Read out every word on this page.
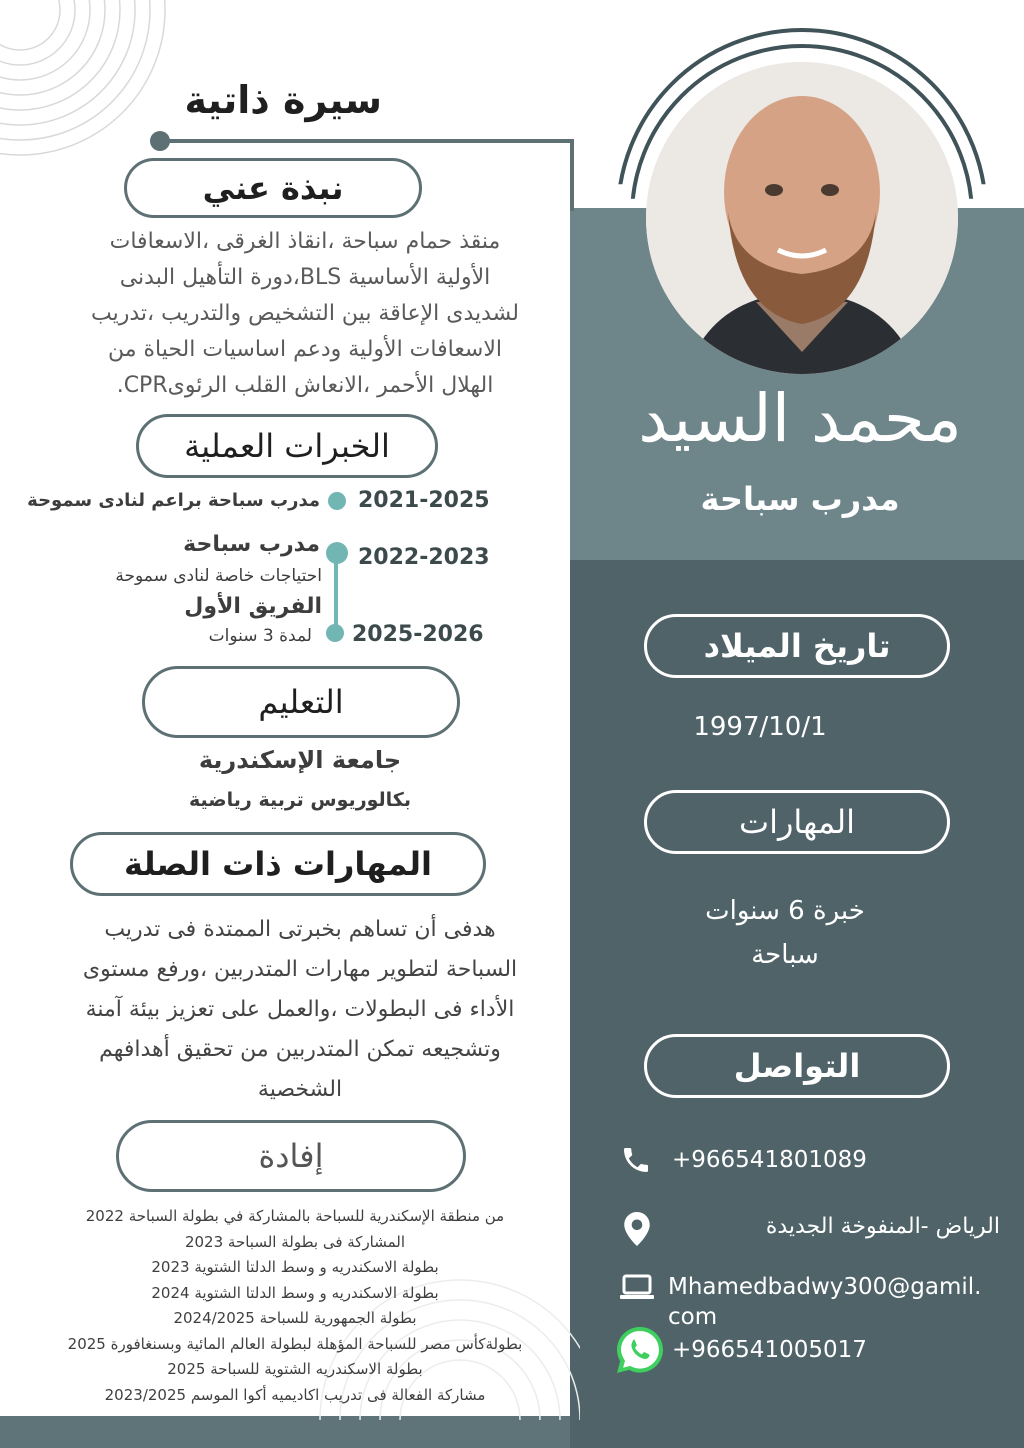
سيرة ذاتية
نبذة عني
منقذ حمام سباحة ،انقاذ الغرقى ،الاسعافات
الأولية الأساسية BLS،دورة التأهيل البدنى
لشديدى الإعاقة بين التشخيص والتدريب ،تدريب
الاسعافات الأولية ودعم اساسيات الحياة من
الهلال الأحمر ،الانعاش القلب الرئوىCPR.
الخبرات العملية
2021-2025
مدرب سباحة براعم لنادى سموحة
2022-2023
مدرب سباحة
احتياجات خاصة لنادى سموحة
الفريق الأول
2025-2026
لمدة 3 سنوات
التعليم
جامعة الإسكندرية
بكالوريوس تربية رياضية
المهارات ذات الصلة
هدفى أن تساهم بخبرتى الممتدة فى تدريب
السباحة لتطوير مهارات المتدربين ،ورفع مستوى
الأداء فى البطولات ،والعمل على تعزيز بيئة آمنة
وتشجيعه تمكن المتدربين من تحقيق أهدافهم
الشخصية
إفادة
من منطقة الإسكندرية للسباحة بالمشاركة في بطولة السباحة 2022
المشاركة فى بطولة السباحة 2023
بطولة الاسكندريه و وسط الدلتا الشتوية 2023
بطولة الاسكندريه و وسط الدلتا الشتوية 2024
بطولة الجمهورية للسباحة 2024/2025
بطولةكأس مصر للسباحة المؤهلة لبطولة العالم المائية وبسنغافورة 2025
بطولة الاسكندريه الشتوية للسباحة 2025
مشاركة الفعالة فى تدريب اكاديميه أكوا الموسم 2023/2025
محمد السيد
مدرب سباحة
تاريخ الميلاد
1997/10/1
المهارات
خبرة 6 سنوات
سباحة
التواصل
+966541801089
الرياض -المنفوخة الجديدة
Mhamedbadwy300@gamil.
com
+966541005017
